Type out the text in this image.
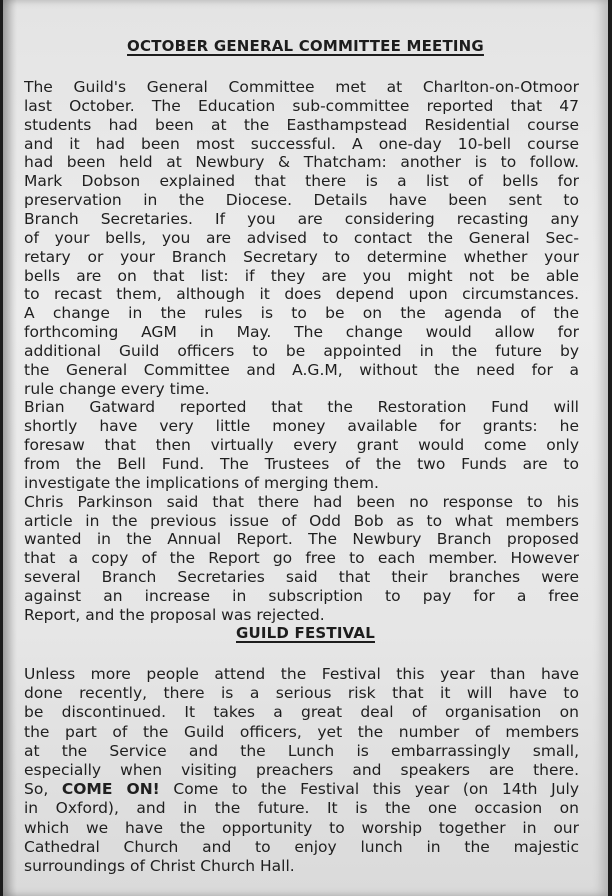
OCTOBER GENERAL COMMITTEE MEETING
The Guild's General Committee met at Charlton-on-Otmoor
last October. The Education sub-committee reported that 47
students had been at the Easthampstead Residential course
and it had been most successful. A one-day 10-bell course
had been held at Newbury & Thatcham: another is to follow.
Mark Dobson explained that there is a list of bells for
preservation in the Diocese. Details have been sent to
Branch Secretaries. If you are considering recasting any
of your bells, you are advised to contact the General Sec-
retary or your Branch Secretary to determine whether your
bells are on that list: if they are you might not be able
to recast them, although it does depend upon circumstances.
A change in the rules is to be on the agenda of the
forthcoming AGM in May. The change would allow for
additional Guild officers to be appointed in the future by
the General Committee and A.G.M, without the need for a
rule change every time.
Brian Gatward reported that the Restoration Fund will
shortly have very little money available for grants: he
foresaw that then virtually every grant would come only
from the Bell Fund. The Trustees of the two Funds are to
investigate the implications of merging them.
Chris Parkinson said that there had been no response to his
article in the previous issue of Odd Bob as to what members
wanted in the Annual Report. The Newbury Branch proposed
that a copy of the Report go free to each member. However
several Branch Secretaries said that their branches were
against an increase in subscription to pay for a free
Report, and the proposal was rejected.
GUILD FESTIVAL
Unless more people attend the Festival this year than have
done recently, there is a serious risk that it will have to
be discontinued. It takes a great deal of organisation on
the part of the Guild officers, yet the number of members
at the Service and the Lunch is embarrassingly small,
especially when visiting preachers and speakers are there.
in Oxford), and in the future. It is the one occasion on
which we have the opportunity to worship together in our
Cathedral Church and to enjoy lunch in the majestic
surroundings of Christ Church Hall.
So, COME ON! Come to the Festival this year (on 14th July
